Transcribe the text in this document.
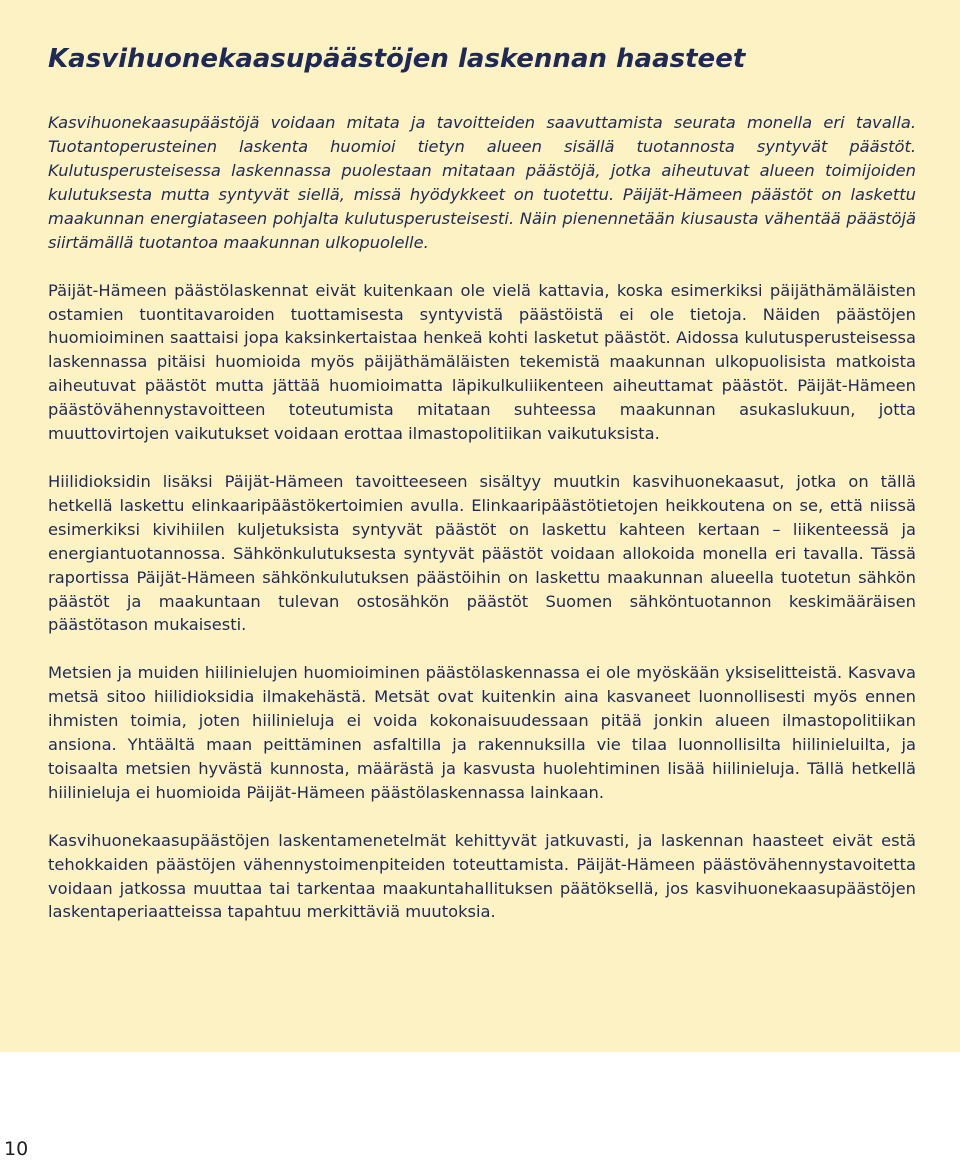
Kasvihuonekaasupäästöjen laskennan haasteet

Kasvihuonekaasupäästöjä voidaan mitata ja tavoitteiden saavuttamista seurata monella eri tavalla. Tuotantoperusteinen laskenta huomioi tietyn alueen sisällä tuotannosta syntyvät päästöt. Kulutusperusteisessa laskennassa puolestaan mitataan päästöjä, jotka aiheutuvat alueen toimijoiden kulutuksesta mutta syntyvät siellä, missä hyödykkeet on tuotettu. Päijät-Hämeen päästöt on laskettu maakunnan energiataseen pohjalta kulutusperusteisesti. Näin pienennetään kiusausta vähentää päästöjä siirtämällä tuotantoa maakunnan ulkopuolelle.

Päijät-Hämeen päästölaskennat eivät kuitenkaan ole vielä kattavia, koska esimerkiksi päijäthämäläisten ostamien tuontitavaroiden tuottamisesta syntyvistä päästöistä ei ole tietoja. Näiden päästöjen huomioiminen saattaisi jopa kaksinkertaistaa henkeä kohti lasketut päästöt. Aidossa kulutusperusteisessa laskennassa pitäisi huomioida myös päijäthämäläisten tekemistä maakunnan ulkopuolisista matkoista aiheutuvat päästöt mutta jättää huomioimatta läpikulkuliikenteen aiheuttamat päästöt. Päijät-Hämeen päästövähennystavoitteen toteutumista mitataan suhteessa maakunnan asukaslukuun, jotta muuttovirtojen vaikutukset voidaan erottaa ilmastopolitiikan vaikutuksista.

Hiilidioksidin lisäksi Päijät-Hämeen tavoitteeseen sisältyy muutkin kasvihuonekaasut, jotka on tällä hetkellä laskettu elinkaaripäästökertoimien avulla. Elinkaaripäästötietojen heikkoutena on se, että niissä esimerkiksi kivihiilen kuljetuksista syntyvät päästöt on laskettu kahteen kertaan – liikenteessä ja energiantuotannossa. Sähkönkulutuksesta syntyvät päästöt voidaan allokoida monella eri tavalla. Tässä raportissa Päijät-Hämeen sähkönkulutuksen päästöihin on laskettu maakunnan alueella tuotetun sähkön päästöt ja maakuntaan tulevan ostosähkön päästöt Suomen sähköntuotannon keskimääräisen päästötason mukaisesti.

Metsien ja muiden hiilinielujen huomioiminen päästölaskennassa ei ole myöskään yksiselitteistä. Kasvava metsä sitoo hiilidioksidia ilmakehästä. Metsät ovat kuitenkin aina kasvaneet luonnollisesti myös ennen ihmisten toimia, joten hiilinieluja ei voida kokonaisuudessaan pitää jonkin alueen ilmastopolitiikan ansiona. Yhtäältä maan peittäminen asfaltilla ja rakennuksilla vie tilaa luonnollisilta hiilinieluilta, ja toisaalta metsien hyvästä kunnosta, määrästä ja kasvusta huolehtiminen lisää hiilinieluja. Tällä hetkellä hiilinieluja ei huomioida Päijät-Hämeen päästölaskennassa lainkaan.

Kasvihuonekaasupäästöjen laskentamenetelmät kehittyvät jatkuvasti, ja laskennan haasteet eivät estä tehokkaiden päästöjen vähennystoimenpiteiden toteuttamista. Päijät-Hämeen päästövähennystavoitetta voidaan jatkossa muuttaa tai tarkentaa maakuntahallituksen päätöksellä, jos kasvihuonekaasupäästöjen laskentaperiaatteissa tapahtuu merkittäviä muutoksia.

10
